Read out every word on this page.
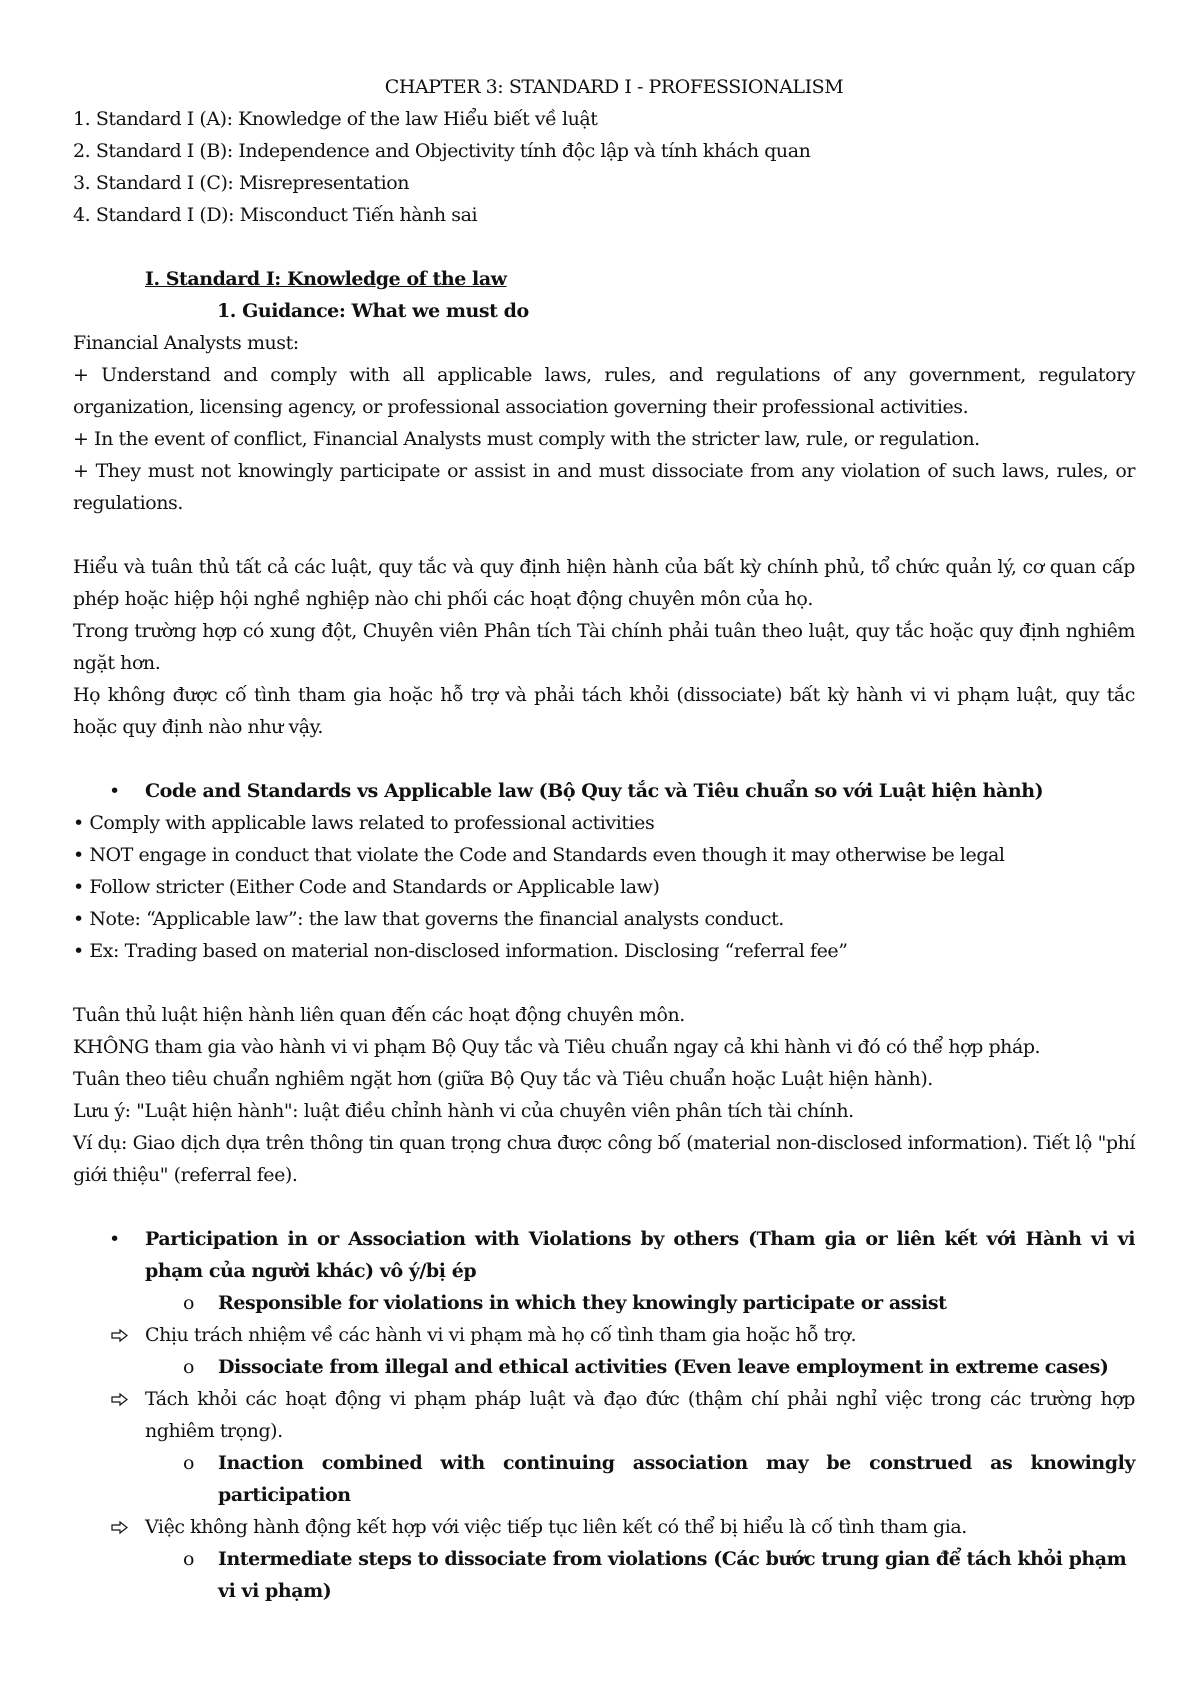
CHAPTER 3: STANDARD I - PROFESSIONALISM

1. Standard I (A): Knowledge of the law Hiểu biết về luật

2. Standard I (B): Independence and Objectivity tính độc lập và tính khách quan

3. Standard I (C): Misrepresentation

4. Standard I (D): Misconduct Tiến hành sai

I. Standard I: Knowledge of the law

1. Guidance: What we must do

Financial Analysts must:

+ Understand and comply with all applicable laws, rules, and regulations of any government, regulatory organization, licensing agency, or professional association governing their professional activities.

+ In the event of conflict, Financial Analysts must comply with the stricter law, rule, or regulation.

+ They must not knowingly participate or assist in and must dissociate from any violation of such laws, rules, or regulations.

Hiểu và tuân thủ tất cả các luật, quy tắc và quy định hiện hành của bất kỳ chính phủ, tổ chức quản lý, cơ quan cấp phép hoặc hiệp hội nghề nghiệp nào chi phối các hoạt động chuyên môn của họ.

Trong trường hợp có xung đột, Chuyên viên Phân tích Tài chính phải tuân theo luật, quy tắc hoặc quy định nghiêm ngặt hơn.

Họ không được cố tình tham gia hoặc hỗ trợ và phải tách khỏi (dissociate) bất kỳ hành vi vi phạm luật, quy tắc hoặc quy định nào như vậy.

• Code and Standards vs Applicable law (Bộ Quy tắc và Tiêu chuẩn so với Luật hiện hành)

• Comply with applicable laws related to professional activities

• NOT engage in conduct that violate the Code and Standards even though it may otherwise be legal

• Follow stricter (Either Code and Standards or Applicable law)

• Note: “Applicable law”: the law that governs the financial analysts conduct.

• Ex: Trading based on material non-disclosed information. Disclosing “referral fee”

Tuân thủ luật hiện hành liên quan đến các hoạt động chuyên môn.

KHÔNG tham gia vào hành vi vi phạm Bộ Quy tắc và Tiêu chuẩn ngay cả khi hành vi đó có thể hợp pháp.

Tuân theo tiêu chuẩn nghiêm ngặt hơn (giữa Bộ Quy tắc và Tiêu chuẩn hoặc Luật hiện hành).

Lưu ý: "Luật hiện hành": luật điều chỉnh hành vi của chuyên viên phân tích tài chính.

Ví dụ: Giao dịch dựa trên thông tin quan trọng chưa được công bố (material non-disclosed information). Tiết lộ "phí giới thiệu" (referral fee).

• Participation in or Association with Violations by others (Tham gia or liên kết với Hành vi vi phạm của người khác) vô ý/bị ép

o Responsible for violations in which they knowingly participate or assist

Chịu trách nhiệm về các hành vi vi phạm mà họ cố tình tham gia hoặc hỗ trợ.

o Dissociate from illegal and ethical activities (Even leave employment in extreme cases)

Tách khỏi các hoạt động vi phạm pháp luật và đạo đức (thậm chí phải nghỉ việc trong các trường hợp nghiêm trọng).

o Inaction combined with continuing association may be construed as knowingly participation

Việc không hành động kết hợp với việc tiếp tục liên kết có thể bị hiểu là cố tình tham gia.

o Intermediate steps to dissociate from violations (Các bước trung gian để tách khỏi phạm vi vi phạm)
